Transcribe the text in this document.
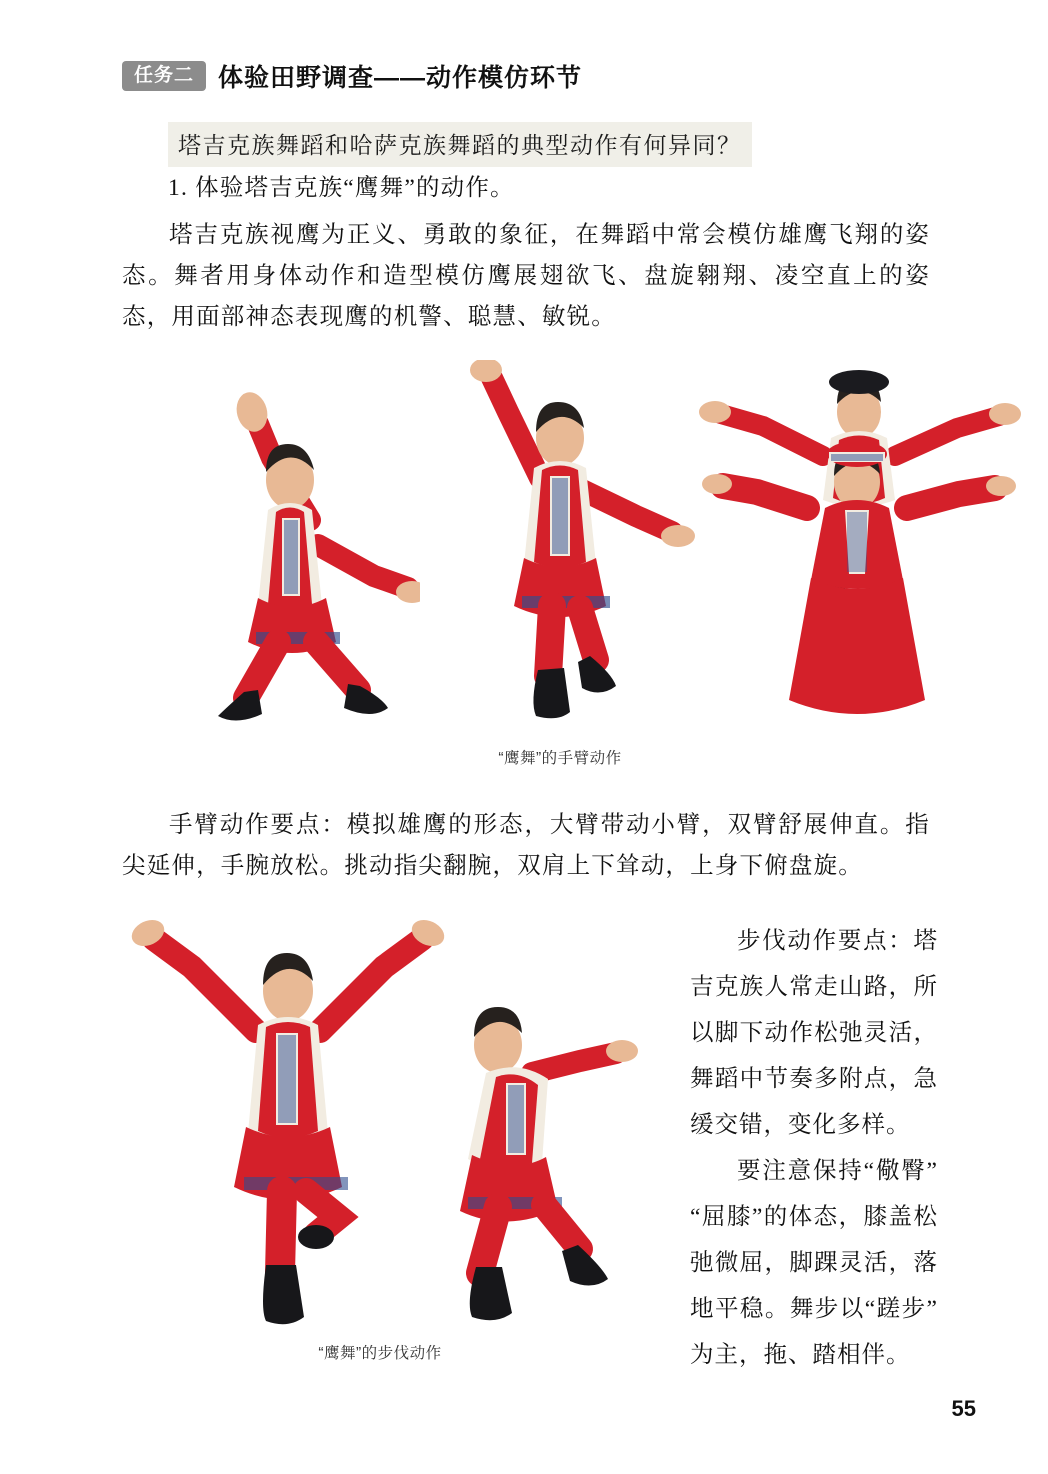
任务二 体验田野调查——动作模仿环节
塔吉克族舞蹈和哈萨克族舞蹈的典型动作有何异同？
1. 体验塔吉克族“鹰舞”的动作。
塔吉克族视鹰为正义、勇敢的象征，在舞蹈中常会模仿雄鹰飞翔的姿态。舞者用身体动作和造型模仿鹰展翅欲飞、盘旋翱翔、凌空直上的姿态，用面部神态表现鹰的机警、聪慧、敏锐。
“鹰舞”的手臂动作
手臂动作要点：模拟雄鹰的形态，大臂带动小臂，双臂舒展伸直。指尖延伸，手腕放松。挑动指尖翻腕，双肩上下耸动，上身下俯盘旋。

步伐动作要点：塔吉克族人常走山路，所以脚下动作松弛灵活，舞蹈中节奏多附点，急缓交错，变化多样。

要注意保持“儆臀”“屈膝”的体态，膝盖松弛微屈，脚踝灵活，落地平稳。舞步以“蹉步”为主，拖、踏相伴。

“鹰舞”的步伐动作
55
